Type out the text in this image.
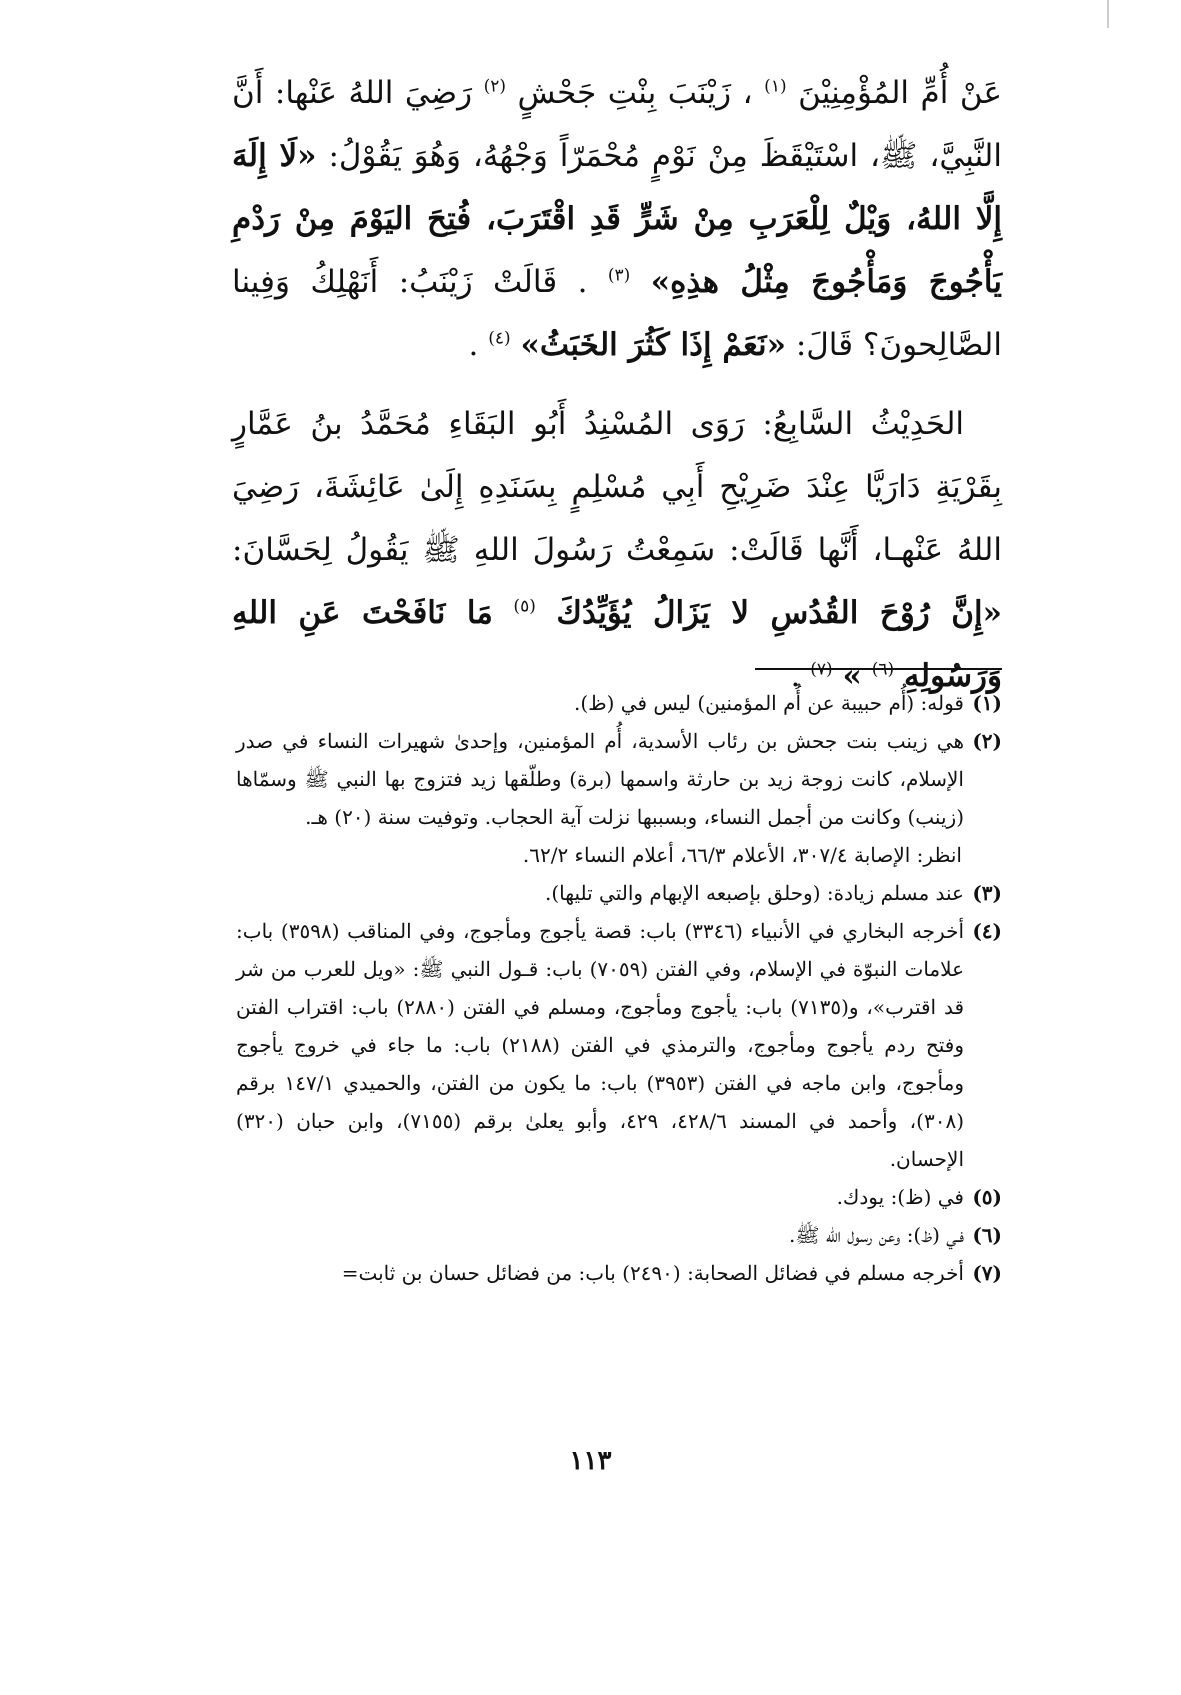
عَنْ أُمِّ المُؤْمِنِيْنَ $^{(١)}$ ، زَيْنَبَ بِنْتِ جَحْشٍ $^{(٢)}$ رَضِيَ اللهُ عَنْها: أَنَّ النَّبِيَّ، ﷺ، اسْتَيْقَظَ مِنْ نَوْمٍ مُحْمَرّاً وَجْهُهُ، وَهُوَ يَقُوْلُ: «لَا إِلَهَ إِلَّا اللهُ، وَيْلٌ لِلْعَرَبِ مِنْ شَرٍّ قَدِ اقْتَرَبَ، فُتِحَ اليَوْمَ مِنْ رَدْمِ يَأْجُوجَ وَمَأْجُوجَ مِثْلُ هذِهِ» $^{(٣)}$ . قَالَتْ زَيْنَبُ: أَنَهْلِكُ وَفِينا الصَّالِحونَ؟ قَالَ: «نَعَمْ إِذَا كَثُرَ الخَبَثُ» $^{(٤)}$ .

الحَدِيْثُ السَّابِعُ: رَوَى المُسْنِدُ أَبُو البَقَاءِ مُحَمَّدُ بنُ عَمَّارٍ بِقَرْيَةِ دَارَيَّا عِنْدَ ضَرِيْحِ أَبِي مُسْلِمٍ بِسَنَدِهِ إِلَىٰ عَائِشَةَ، رَضِيَ اللهُ عَنْهـا، أَنَّها قَالَتْ: سَمِعْتُ رَسُولَ اللهِ ﷺ يَقُولُ لِحَسَّانَ: «إِنَّ رُوْحَ القُدُسِ لا يَزَالُ يُؤَيِّدُكَ $^{(٥)}$ مَا نَافَحْتَ عَنِ اللهِ وَرَسُولِهِ $^{(٦)}$ » $^{(٧)}$ .

(١)

قوله: (أُم حبيبة عن أُم المؤمنين) ليس في (ظ).

(٢)

هي زينب بنت جحش بن رئاب الأسدية، أُم المؤمنين، وإحدىٰ شهيرات النساء في صدر الإسلام، كانت زوجة زيد بن حارثة واسمها (برة) وطلّقها زيد فتزوج بها النبي ﷺ وسمّاها (زينب) وكانت من أجمل النساء، وبسببها نزلت آية الحجاب. وتوفيت سنة (٢٠) هـ.

انظر: الإصابة ٣٠٧/٤، الأعلام ٦٦/٣، أعلام النساء ٦٢/٢.

(٣)

عند مسلم زيادة: (وحلق بإصبعه الإبهام والتي تليها).

(٤)

أخرجه البخاري في الأنبياء (٣٣٤٦) باب: قصة يأجوج ومأجوج، وفي المناقب (٣٥٩٨) باب: علامات النبوّة في الإسلام، وفي الفتن (٧٠٥٩) باب: قـول النبي ﷺ: «ويل للعرب من شر قد اقترب»، و(٧١٣٥) باب: يأجوج ومأجوج، ومسلم في الفتن (٢٨٨٠) باب: اقتراب الفتن وفتح ردم يأجوج ومأجوج، والترمذي في الفتن (٢١٨٨) باب: ما جاء في خروج يأجوج ومأجوج، وابن ماجه في الفتن (٣٩٥٣) باب: ما يكون من الفتن، والحميدي ١٤٧/١ برقم (٣٠٨)، وأحمد في المسند ٤٢٨/٦، ٤٢٩، وأبو يعلىٰ برقم (٧١٥٥)، وابن حبان (٣٢٠) الإحسان.

(٥)

في (ظ): يودك.

(٦)

فـي (ظ): وعن رسول الله ﷺ.

(٧)

أخرجه مسلم في فضائل الصحابة: (٢٤٩٠) باب: من فضائل حسان بن ثابت=

١١٣
